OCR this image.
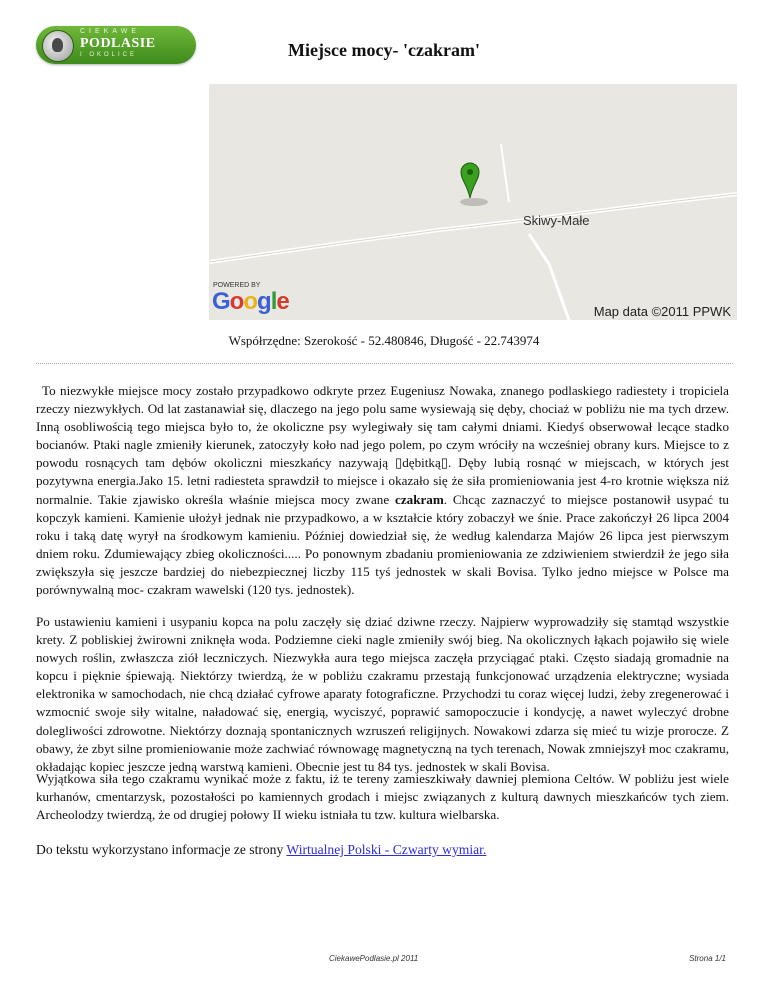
CIEKAWE
PODLASIE
I OKOLICE	Miejsce mocy- 'czakram'
Skiwy-Małe
POWERED BY
Google	Map data ©2011 PPWK
Współrzędne: Szerokość - 52.480846, Długość - 22.743974
To niezwykłe miejsce mocy zostało przypadkowo odkryte przez Eugeniusz Nowaka, znanego podlaskiego radiestety i tropiciela rzeczy niezwykłych. Od lat zastanawiał się, dlaczego na jego polu same wysiewają się dęby, chociaż w pobliżu nie ma tych drzew. Inną osobliwością tego miejsca było to, że okoliczne psy wylegiwały się tam całymi dniami. Kiedyś obserwował lecące stadko bocianów. Ptaki nagle zmieniły kierunek, zatoczyły koło nad jego polem, po czym wróciły na wcześniej obrany kurs. Miejsce to z powodu rosnących tam dębów okoliczni mieszkańcy nazywają ▯dębitką▯. Dęby lubią rosnąć w miejscach, w których jest pozytywna energia.Jako 15. letni radiesteta sprawdził to miejsce i okazało się że siła promieniowania jest 4-ro krotnie większa niż normalnie. Takie zjawisko określa właśnie miejsca mocy zwane czakram. Chcąc zaznaczyć to miejsce postanowił usypać tu kopczyk kamieni. Kamienie ułożył jednak nie przypadkowo, a w kształcie który zobaczył we śnie. Prace zakończył 26 lipca 2004 roku i taką datę wyrył na środkowym kamieniu. Później dowiedział się, że według kalendarza Majów 26 lipca jest pierwszym dniem roku. Zdumiewający zbieg okoliczności..... Po ponownym zbadaniu promieniowania ze zdziwieniem stwierdził że jego siła zwiększyła się jeszcze bardziej do niebezpiecznej liczby 115 tyś jednostek w skali Bovisa. Tylko jedno miejsce w Polsce ma porównywalną moc- czakram wawelski (120 tys. jednostek).
Po ustawieniu kamieni i usypaniu kopca na polu zaczęły się dziać dziwne rzeczy. Najpierw wyprowadziły się stamtąd wszystkie krety. Z pobliskiej żwirowni zniknęła woda. Podziemne cieki nagle zmieniły swój bieg. Na okolicznych łąkach pojawiło się wiele nowych roślin, zwłaszcza ziół leczniczych. Niezwykła aura tego miejsca zaczęła przyciągać ptaki. Często siadają gromadnie na kopcu i pięknie śpiewają. Niektórzy twierdzą, że w pobliżu czakramu przestają funkcjonować urządzenia elektryczne; wysiada elektronika w samochodach, nie chcą działać cyfrowe aparaty fotograficzne. Przychodzi tu coraz więcej ludzi, żeby zregenerować i wzmocnić swoje siły witalne, naładować się, energią, wyciszyć, poprawić samopoczucie i kondycję, a nawet wyleczyć drobne dolegliwości zdrowotne. Niektórzy doznają spontanicznych wzruszeń religijnych. Nowakowi zdarza się mieć tu wizje prorocze. Z obawy, że zbyt silne promieniowanie może zachwiać równowagę magnetyczną na tych terenach, Nowak zmniejszył moc czakramu, okładając kopiec jeszcze jedną warstwą kamieni. Obecnie jest tu 84 tys. jednostek w skali Bovisa.
Wyjątkowa siła tego czakramu wynikać może z faktu, iż te tereny zamieszkiwały dawniej plemiona Celtów. W pobliżu jest wiele kurhanów, cmentarzysk, pozostałości po kamiennych grodach i miejsc związanych z kulturą dawnych mieszkańców tych ziem. Archeolodzy twierdzą, że od drugiej połowy II wieku istniała tu tzw. kultura wielbarska.
Do tekstu wykorzystano informacje ze strony Wirtualnej Polski - Czwarty wymiar.
CiekawePodlasie.pl 2011	Strona 1/1
